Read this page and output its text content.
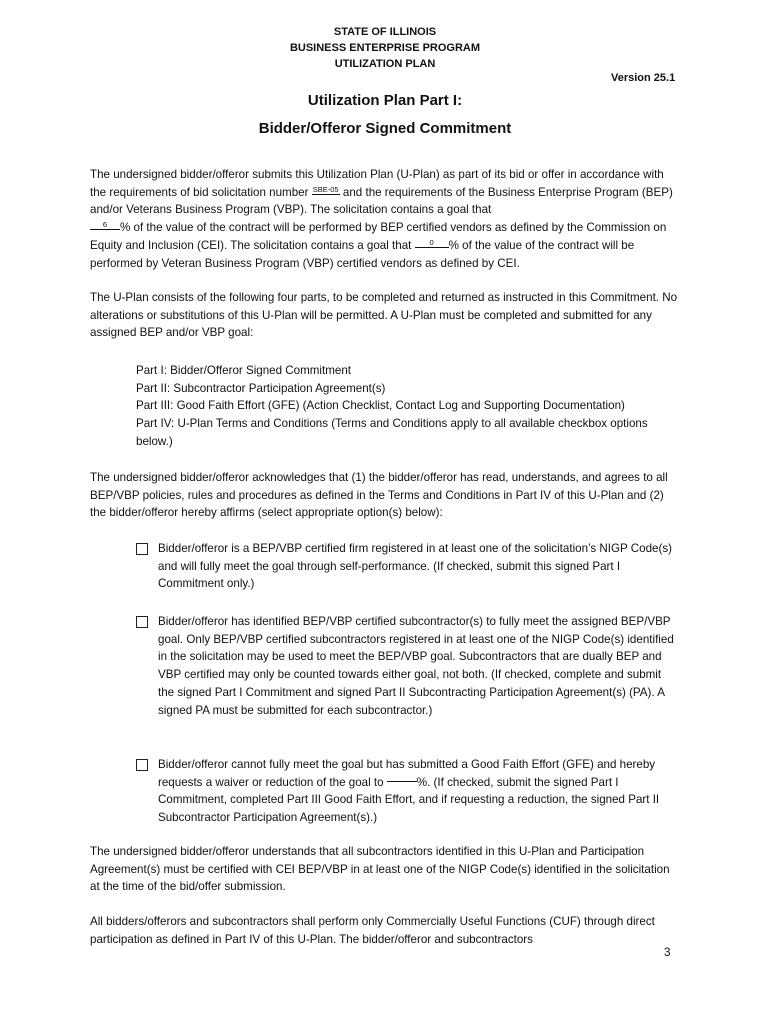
STATE OF ILLINOIS
BUSINESS ENTERPRISE PROGRAM
UTILIZATION PLAN
Version 25.1
Utilization Plan Part I:
Bidder/Offeror Signed Commitment
The undersigned bidder/offeror submits this Utilization Plan (U-Plan) as part of its bid or offer in accordance with the requirements of bid solicitation number SBE-05 and the requirements of the Business Enterprise Program (BEP) and/or Veterans Business Program (VBP). The solicitation contains a goal that
6 % of the value of the contract will be performed by BEP certified vendors as defined by the Commission on Equity and Inclusion (CEI). The solicitation contains a goal that 0 % of the value of the contract will be performed by Veteran Business Program (VBP) certified vendors as defined by CEI.
The U-Plan consists of the following four parts, to be completed and returned as instructed in this Commitment. No alterations or substitutions of this U-Plan will be permitted. A U-Plan must be completed and submitted for any assigned BEP and/or VBP goal:
Part I: Bidder/Offeror Signed Commitment
Part II: Subcontractor Participation Agreement(s)
Part III: Good Faith Effort (GFE) (Action Checklist, Contact Log and Supporting Documentation)
Part IV: U-Plan Terms and Conditions (Terms and Conditions apply to all available checkbox options below.)
The undersigned bidder/offeror acknowledges that (1) the bidder/offeror has read, understands, and agrees to all BEP/VBP policies, rules and procedures as defined in the Terms and Conditions in Part IV of this U-Plan and (2) the bidder/offeror hereby affirms (select appropriate option(s) below):
Bidder/offeror is a BEP/VBP certified firm registered in at least one of the solicitation’s NIGP Code(s) and will fully meet the goal through self-performance. (If checked, submit this signed Part I Commitment only.)
Bidder/offeror has identified BEP/VBP certified subcontractor(s) to fully meet the assigned BEP/VBP goal. Only BEP/VBP certified subcontractors registered in at least one of the NIGP Code(s) identified in the solicitation may be used to meet the BEP/VBP goal. Subcontractors that are dually BEP and VBP certified may only be counted towards either goal, not both. (If checked, complete and submit the signed Part I Commitment and signed Part II Subcontracting Participation Agreement(s) (PA). A signed PA must be submitted for each subcontractor.)
Bidder/offeror cannot fully meet the goal but has submitted a Good Faith Effort (GFE) and hereby requests a waiver or reduction of the goal to	%. (If checked, submit the signed Part I Commitment, completed Part III Good Faith Effort, and if requesting a reduction, the signed Part II Subcontractor Participation Agreement(s).)
The undersigned bidder/offeror understands that all subcontractors identified in this U-Plan and Participation Agreement(s) must be certified with CEI BEP/VBP in at least one of the NIGP Code(s) identified in the solicitation at the time of the bid/offer submission.
All bidders/offerors and subcontractors shall perform only Commercially Useful Functions (CUF) through direct participation as defined in Part IV of this U-Plan. The bidder/offeror and subcontractors
3
